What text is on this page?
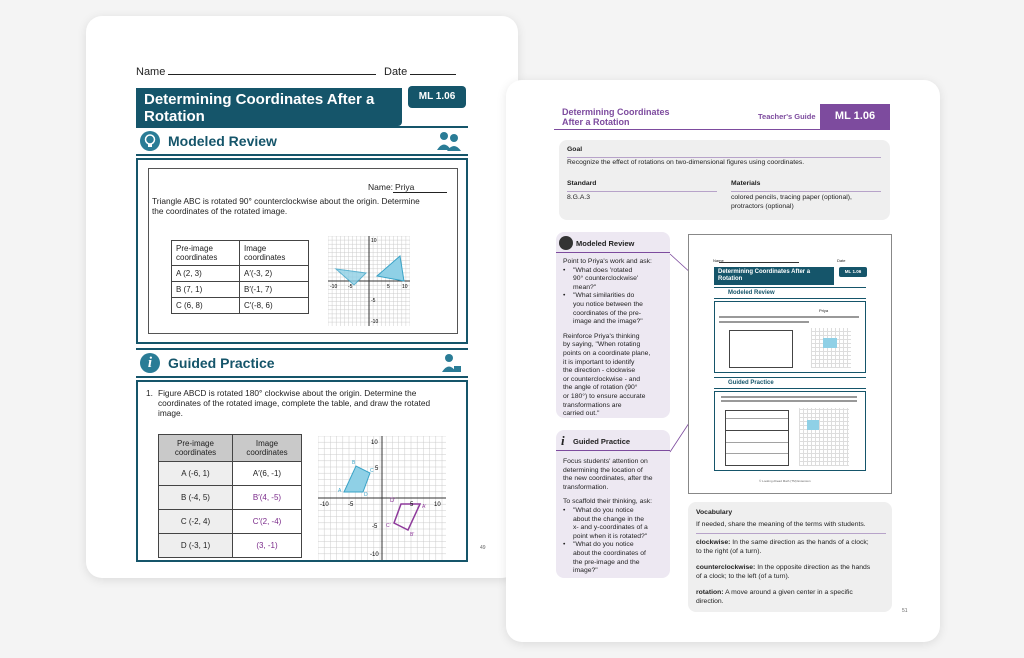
Name	Date
Determining Coordinates After a
Rotation
ML 1.06
Modeled Review
Name: Priya
Triangle ABC is rotated 90° counterclockwise about the origin. Determine
the coordinates of the rotated image.
Pre-image coordinates	Image coordinates
A (2, 3)	A′(-3, 2)
B (7, 1)	B′(-1, 7)
C (6, 8)	C′(-8, 6)
-10 -5	5 10
10
-5
-10
i	Guided Practice
1. Figure ABCD is rotated 180° clockwise about the origin. Determine the
coordinates of the rotated image, complete the table, and draw the rotated
image.
Pre-image coordinates	Image coordinates
A (-6, 1)	A′(6, -1)
B (-4, 5)	B′(4, -5)
C (-2, 4)	C′(2, -4)
D (-3, 1)	(3, -1)
-10	-5	5	10
10
5
-5
-10
B
A
C
D
D′
C′
A′
B′
49
Determining Coordinates
After a Rotation
Teacher's Guide	ML 1.06
Goal
Recognize the effect of rotations on two-dimensional figures using coordinates.
Standard
8.G.A.3
Materials
colored pencils, tracing paper (optional),
protractors (optional)
Modeled Review
Point to Priya's work and ask:
• "What does 'rotated
90° counterclockwise'
mean?"
• "What similarities do
you notice between the
coordinates of the pre-
image and the image?"
Reinforce Priya's thinking
by saying, "When rotating
points on a coordinate plane,
it is important to identify
the direction - clockwise
or counterclockwise - and
the angle of rotation (90°
or 180°) to ensure accurate
transformations are
carried out."
i Guided Practice
Focus students' attention on
determining the location of
the new coordinates, after the
transformation.
To scaffold their thinking, ask:
• "What do you notice
about the change in the
x- and y-coordinates of a
point when it is rotated?"
• "What do you notice
about the coordinates of
the pre-image and the
image?"
Name	Date
Determining Coordinates After a
Rotation
ML 1.06
Modeled Review
Priya
Guided Practice
© Looking Ahead Math (TM) Extension
Vocabulary
If needed, share the meaning of the terms with students.
clockwise: In the same direction as the hands of a clock;
to the right (of a turn).
counterclockwise: In the opposite direction as the hands
of a clock; to the left (of a turn).
rotation: A move around a given center in a specific
direction.
51
